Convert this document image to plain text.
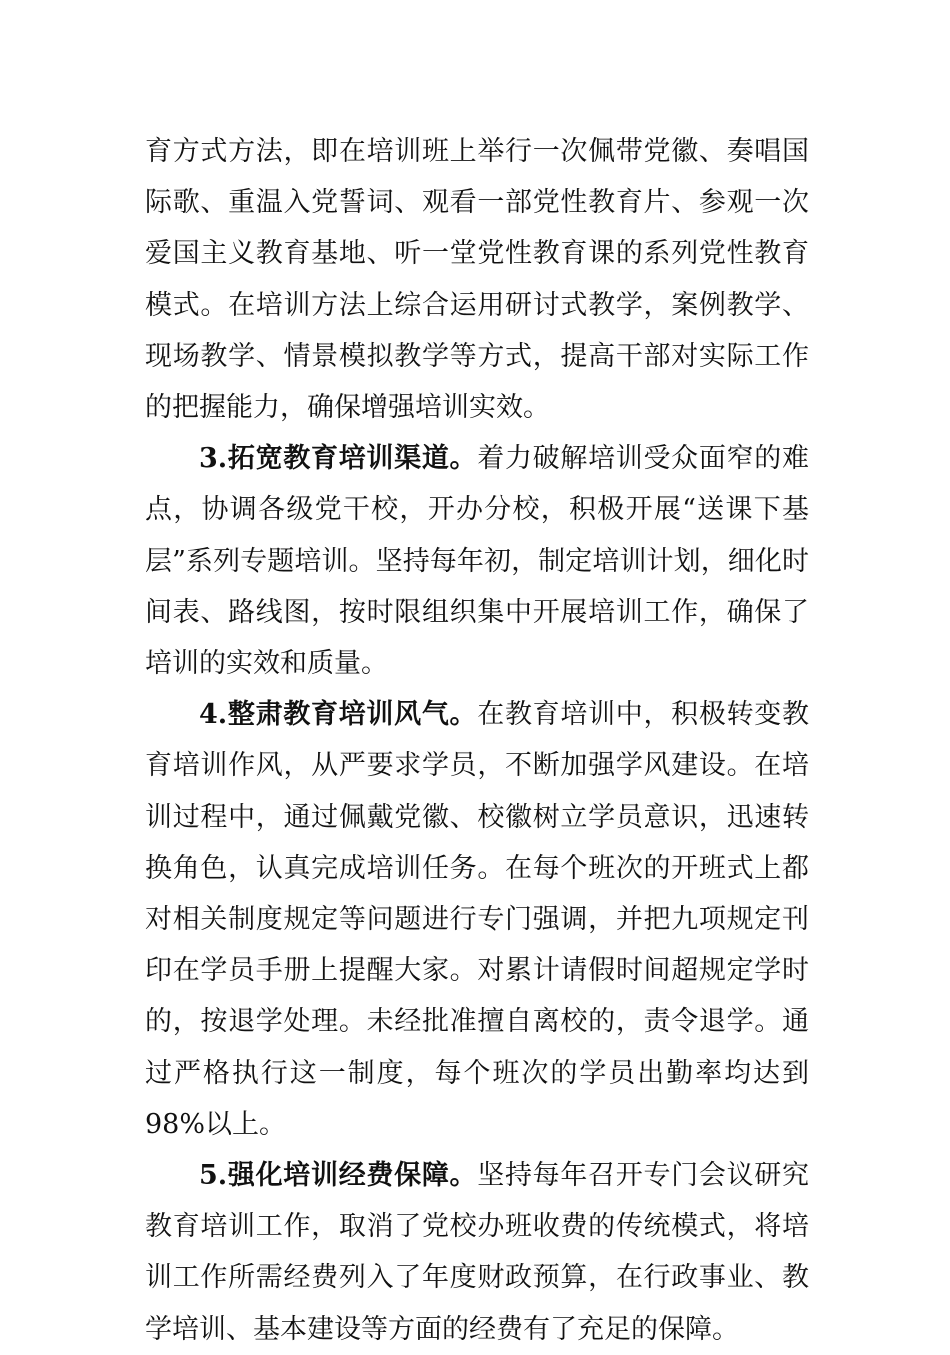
育方式方法，即在培训班上举行一次佩带党徽、奏唱国际歌、重温入党誓词、观看一部党性教育片、参观一次爱国主义教育基地、听一堂党性教育课的系列党性教育模式。在培训方法上综合运用研讨式教学，案例教学、现场教学、情景模拟教学等方式，提高干部对实际工作的把握能力，确保增强培训实效。

3.拓宽教育培训渠道。着力破解培训受众面窄的难点，协调各级党干校，开办分校，积极开展“送课下基层”系列专题培训。坚持每年初，制定培训计划，细化时间表、路线图，按时限组织集中开展培训工作，确保了培训的实效和质量。

4.整肃教育培训风气。在教育培训中，积极转变教育培训作风，从严要求学员，不断加强学风建设。在培训过程中，通过佩戴党徽、校徽树立学员意识，迅速转换角色，认真完成培训任务。在每个班次的开班式上都对相关制度规定等问题进行专门强调，并把九项规定刊印在学员手册上提醒大家。对累计请假时间超规定学时的，按退学处理。未经批准擅自离校的，责令退学。通过严格执行这一制度，每个班次的学员出勤率均达到98%以上。

5.强化培训经费保障。坚持每年召开专门会议研究教育培训工作，取消了党校办班收费的传统模式，将培训工作所需经费列入了年度财政预算，在行政事业、教学培训、基本建设等方面的经费有了充足的保障。
